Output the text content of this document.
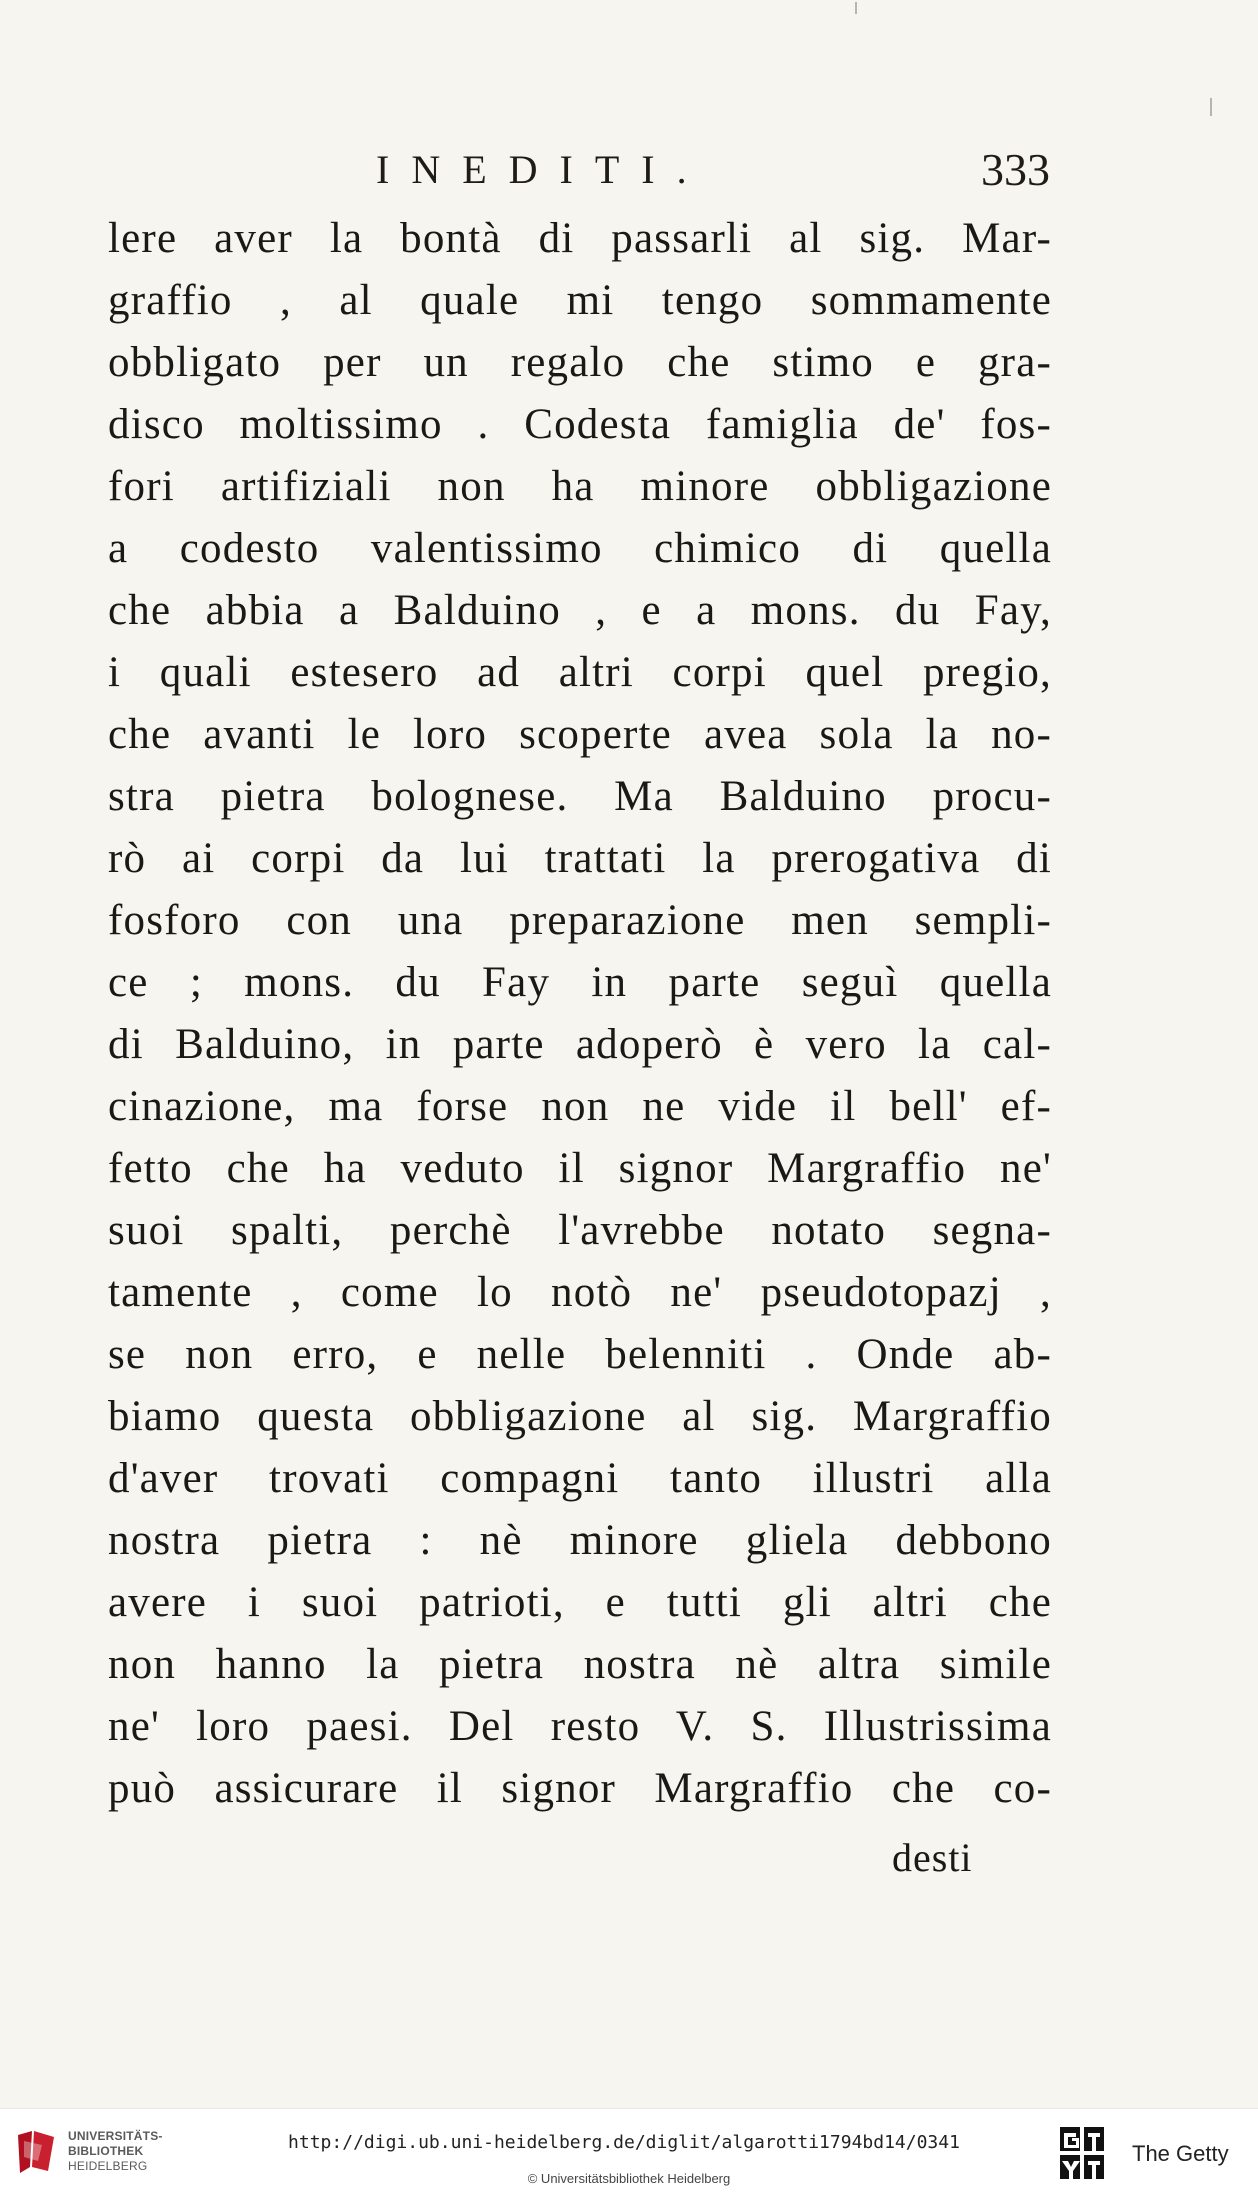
INEDITI.	333
lere aver la bontà di passarli al sig. Mar-
graffio , al quale mi tengo sommamente
obbligato per un regalo che stimo e gra-
disco moltissimo . Codesta famiglia de' fos-
fori artifiziali non ha minore obbligazione
a codesto valentissimo chimico di quella
che abbia a Balduino , e a mons. du Fay,
i quali estesero ad altri corpi quel pregio,
che avanti le loro scoperte avea sola la no-
stra pietra bolognese. Ma Balduino procu-
rò ai corpi da lui trattati la prerogativa di
fosforo con una preparazione men sempli-
ce ; mons. du Fay in parte seguì quella
di Balduino, in parte adoperò è vero la cal-
cinazione, ma forse non ne vide il bell' ef-
fetto che ha veduto il signor Margraffio ne'
suoi spalti, perchè l'avrebbe notato segna-
tamente , come lo notò ne' pseudotopazj ,
se non erro, e nelle belenniti . Onde ab-
biamo questa obbligazione al sig. Margraffio
d'aver trovati compagni tanto illustri alla
nostra pietra : nè minore gliela debbono
avere i suoi patrioti, e tutti gli altri che
non hanno la pietra nostra nè altra simile
ne' loro paesi. Del resto V. S. Illustrissima
può assicurare il signor Margraffio che co-
desti
UNIVERSITÄTS-
BIBLIOTHEK
HEIDELBERG
http://digi.ub.uni-heidelberg.de/diglit/algarotti1794bd14/0341
© Universitätsbibliothek Heidelberg
The Getty
